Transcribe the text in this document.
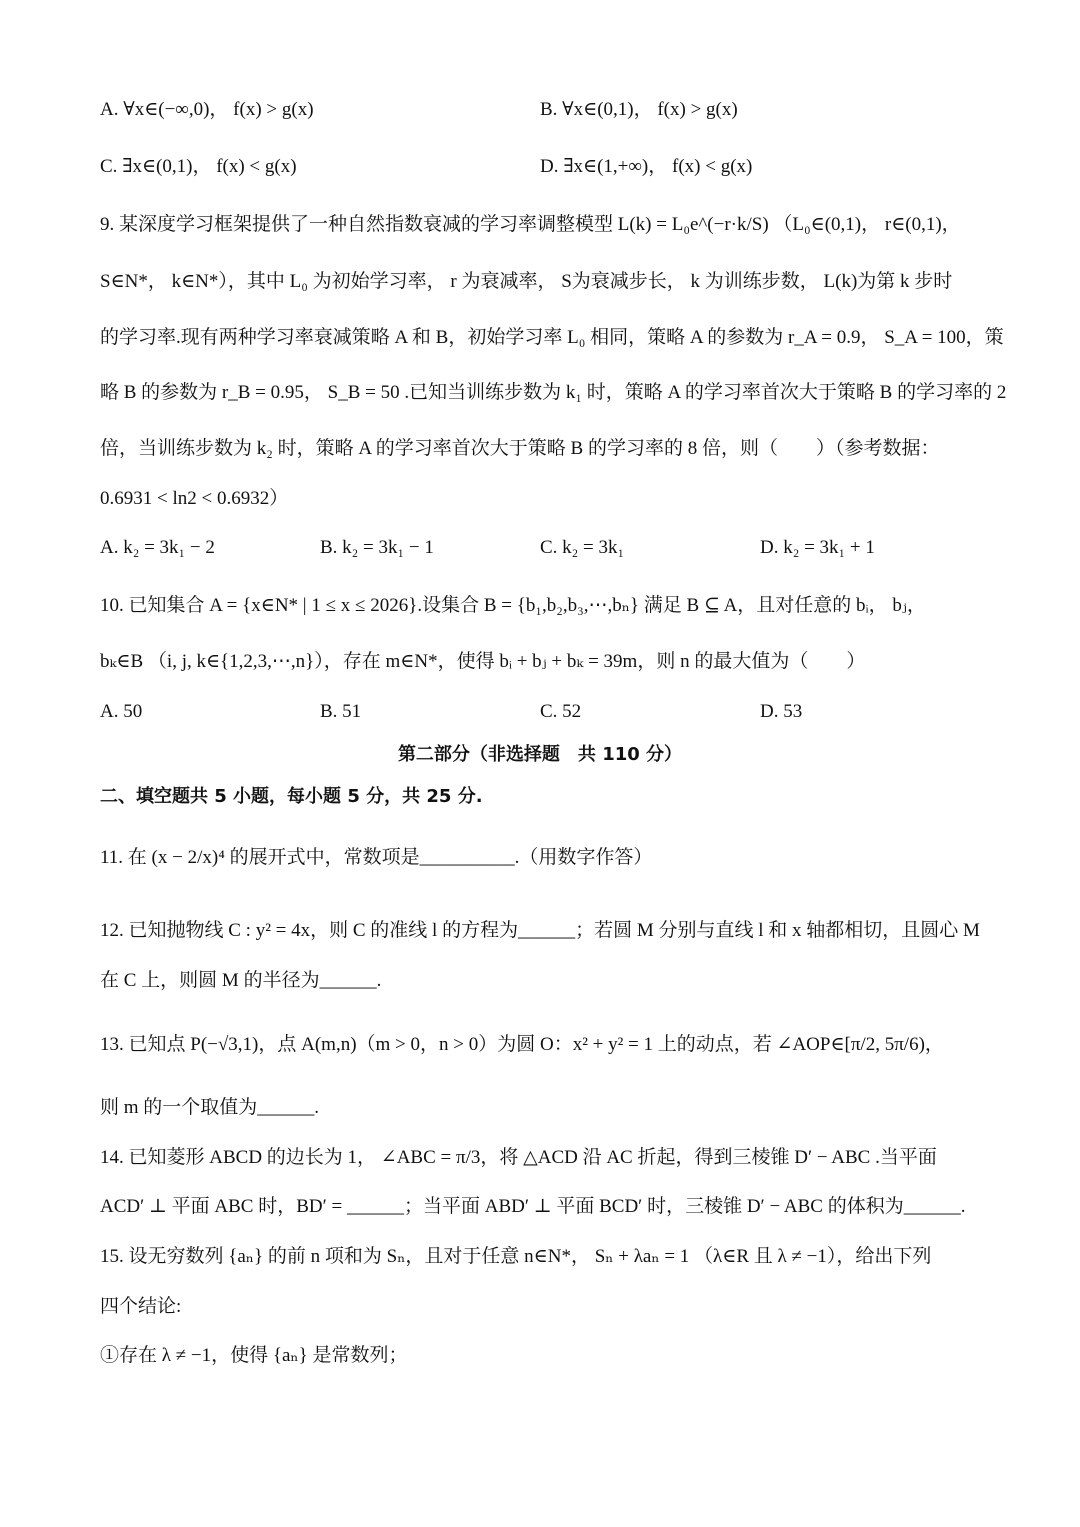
A. ∀x∈(−∞,0)， f(x) > g(x)	B. ∀x∈(0,1)， f(x) > g(x)
C. ∃x∈(0,1)， f(x) < g(x)	D. ∃x∈(1,+∞)， f(x) < g(x)
9. 某深度学习框架提供了一种自然指数衰减的学习率调整模型 L(k) = L₀e^(−r·k/S) （L₀∈(0,1)， r∈(0,1)，
S∈N*， k∈N*），其中 L₀ 为初始学习率， r 为衰减率， S为衰减步长， k 为训练步数， L(k)为第 k 步时
的学习率.现有两种学习率衰减策略 A 和 B，初始学习率 L₀ 相同，策略 A 的参数为 r_A = 0.9， S_A = 100，策
略 B 的参数为 r_B = 0.95， S_B = 50 .已知当训练步数为 k₁ 时，策略 A 的学习率首次大于策略 B 的学习率的 2
倍，当训练步数为 k₂ 时，策略 A 的学习率首次大于策略 B 的学习率的 8 倍，则（　　）（参考数据：
0.6931 < ln2 < 0.6932）
A. k₂ = 3k₁ − 2	B. k₂ = 3k₁ − 1	C. k₂ = 3k₁	D. k₂ = 3k₁ + 1
10. 已知集合 A = {x∈N* | 1 ≤ x ≤ 2026}.设集合 B = {b₁,b₂,b₃,⋯,bₙ} 满足 B ⊆ A，且对任意的 bᵢ， bⱼ，
bₖ∈B （i, j, k∈{1,2,3,⋯,n}），存在 m∈N*，使得 bᵢ + bⱼ + bₖ = 39m，则 n 的最大值为（　　）
A. 50	B. 51	C. 52	D. 53
第二部分（非选择题　共 110 分）
二、填空题共 5 小题，每小题 5 分，共 25 分.
11. 在 (x − 2/x)⁴ 的展开式中，常数项是__________.（用数字作答）
12. 已知抛物线 C : y² = 4x，则 C 的准线 l 的方程为______；若圆 M 分别与直线 l 和 x 轴都相切，且圆心 M
在 C 上，则圆 M 的半径为______.
13. 已知点 P(−√3,1)，点 A(m,n)（m > 0，n > 0）为圆 O：x² + y² = 1 上的动点，若 ∠AOP∈[π/2, 5π/6)，
则 m 的一个取值为______.
14. 已知菱形 ABCD 的边长为 1， ∠ABC = π/3，将 △ACD 沿 AC 折起，得到三棱锥 D′ − ABC .当平面
ACD′ ⊥ 平面 ABC 时，BD′ = ______；当平面 ABD′ ⊥ 平面 BCD′ 时，三棱锥 D′ − ABC 的体积为______.
15. 设无穷数列 {aₙ} 的前 n 项和为 Sₙ，且对于任意 n∈N*， Sₙ + λaₙ = 1 （λ∈R 且 λ ≠ −1），给出下列
四个结论:
①存在 λ ≠ −1，使得 {aₙ} 是常数列；
